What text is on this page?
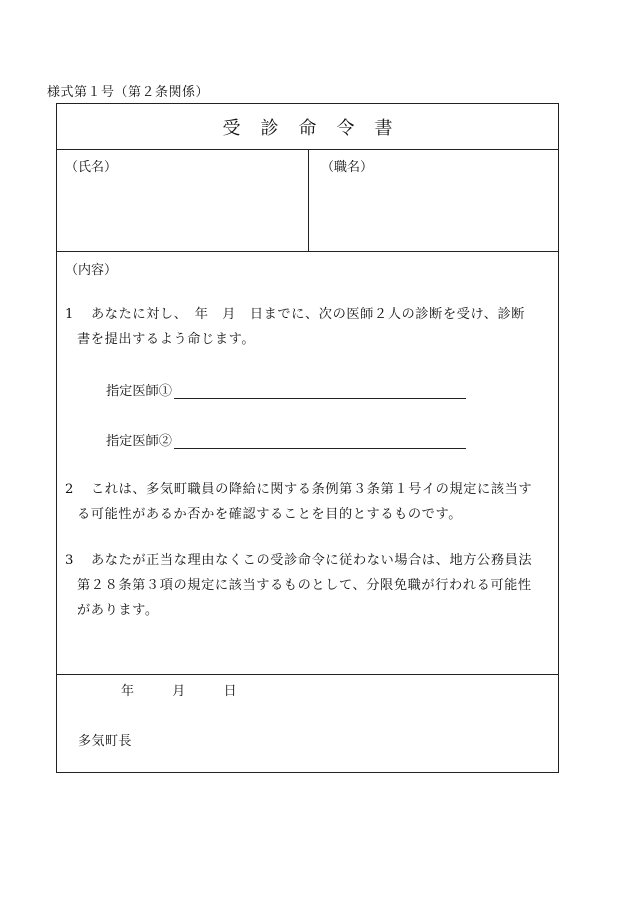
様式第１号（第２条関係）
受診命令書
（氏名）	（職名）
（内容）
1 あなたに対し、　年　月　日までに、次の医師２人の診断を受け、診断
書を提出するよう命じます。
指定医師①
指定医師②
2 これは、多気町職員の降給に関する条例第３条第１号イの規定に該当す
る可能性があるか否かを確認することを目的とするものです。
3 あなたが正当な理由なくこの受診命令に従わない場合は、地方公務員法
第２８条第３項の規定に該当するものとして、分限免職が行われる可能性
があります。
年	月	日
多気町長
